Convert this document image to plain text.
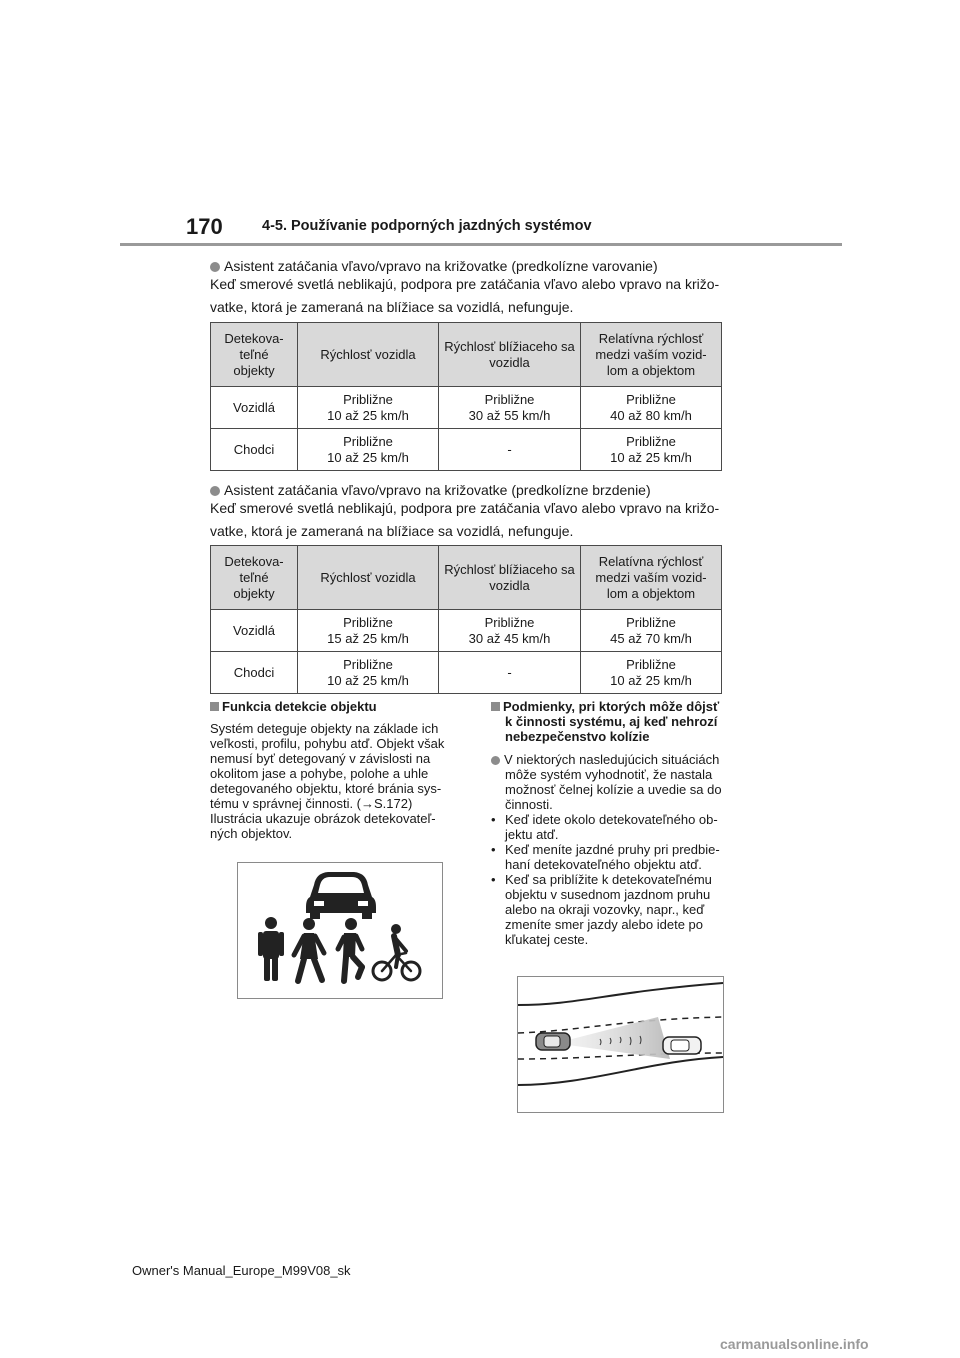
170	4-5. Používanie podporných jazdných systémov
Asistent zatáčania vľavo/vpravo na križovatke (predkolízne varovanie)
Keď smerové svetlá neblikajú, podpora pre zatáčania vľavo alebo vpravo na križo-
vatke, ktorá je zameraná na blížiace sa vozidlá, nefunguje.
Detekova-
teľné
objekty	Rýchlosť vozidla	Rýchlosť blížiaceho sa
vozidla	Relatívna rýchlosť
medzi vaším vozid-
lom a objektom
Vozidlá	Približne
10 až 25 km/h	Približne
30 až 55 km/h	Približne
40 až 80 km/h
Chodci	Približne
10 až 25 km/h	-	Približne
10 až 25 km/h
Asistent zatáčania vľavo/vpravo na križovatke (predkolízne brzdenie)
Keď smerové svetlá neblikajú, podpora pre zatáčania vľavo alebo vpravo na križo-
vatke, ktorá je zameraná na blížiace sa vozidlá, nefunguje.
Detekova-
teľné
objekty	Rýchlosť vozidla	Rýchlosť blížiaceho sa
vozidla	Relatívna rýchlosť
medzi vaším vozid-
lom a objektom
Vozidlá	Približne
15 až 25 km/h	Približne
30 až 45 km/h	Približne
45 až 70 km/h
Chodci	Približne
10 až 25 km/h	-	Približne
10 až 25 km/h
Funkcia detekcie objektu
Systém deteguje objekty na základe ich
veľkosti, profilu, pohybu atď. Objekt však
nemusí byť detegovaný v závislosti na
okolitom jase a pohybe, polohe a uhle
detegovaného objektu, ktoré bránia sys-
tému v správnej činnosti. (→S.172)
Ilustrácia ukazuje obrázok detekovateľ-
ných objektov.
Podmienky, pri ktorých môže dôjsť
k činnosti systému, aj keď nehrozí
nebezpečenstvo kolízie
V niektorých nasledujúcich situáciách
môže systém vyhodnotiť, že nastala
možnosť čelnej kolízie a uvedie sa do
činnosti.
• Keď idete okolo detekovateľného ob-
jektu atď.
• Keď meníte jazdné pruhy pri predbie-
haní detekovateľného objektu atď.
• Keď sa priblížite k detekovateľnému
objektu v susednom jazdnom pruhu
alebo na okraji vozovky, napr., keď
zmeníte smer jazdy alebo idete po
kľukatej ceste.
Owner's Manual_Europe_M99V08_sk
carmanualsonline.info
